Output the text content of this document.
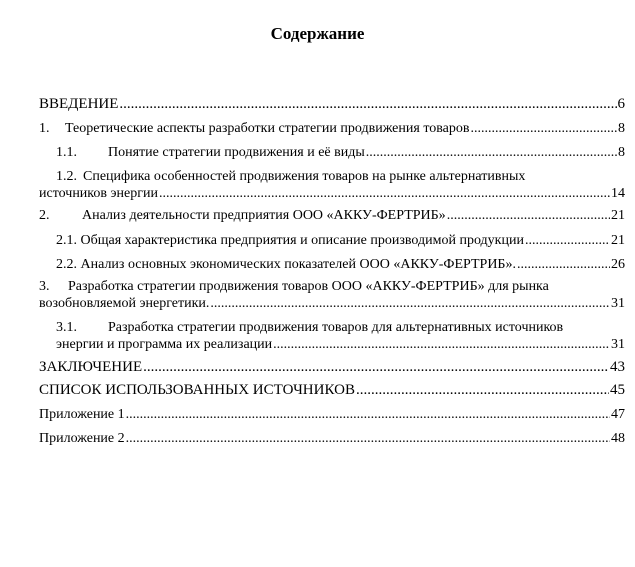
Содержание
ВВЕДЕНИЕ .....	6
1.	Теоретические аспекты разработки стратегии продвижения товаров .....	8
1.1.	Понятие стратегии продвижения и её виды .....	8
1.2. Специфика особенностей продвижения товаров на рынке альтернативных
источников энергии .....	14
2.	Анализ деятельности предприятия ООО «АККУ-ФЕРТРИБ» .....	21
2.1. Общая характеристика предприятия и описание производимой продукции .....	21
2.2. Анализ основных экономических показателей ООО «АККУ-ФЕРТРИБ». .....	26
3. Разработка стратегии продвижения товаров ООО «АККУ-ФЕРТРИБ» для рынка
возобновляемой энергетики. .....	31
3.1. Разработка стратегии продвижения товаров для альтернативных источников
энергии и программа их реализации .....	31
ЗАКЛЮЧЕНИЕ .....	43
СПИСОК ИСПОЛЬЗОВАННЫХ ИСТОЧНИКОВ .....	45
Приложение 1 .....	47
Приложение 2 .....	48
